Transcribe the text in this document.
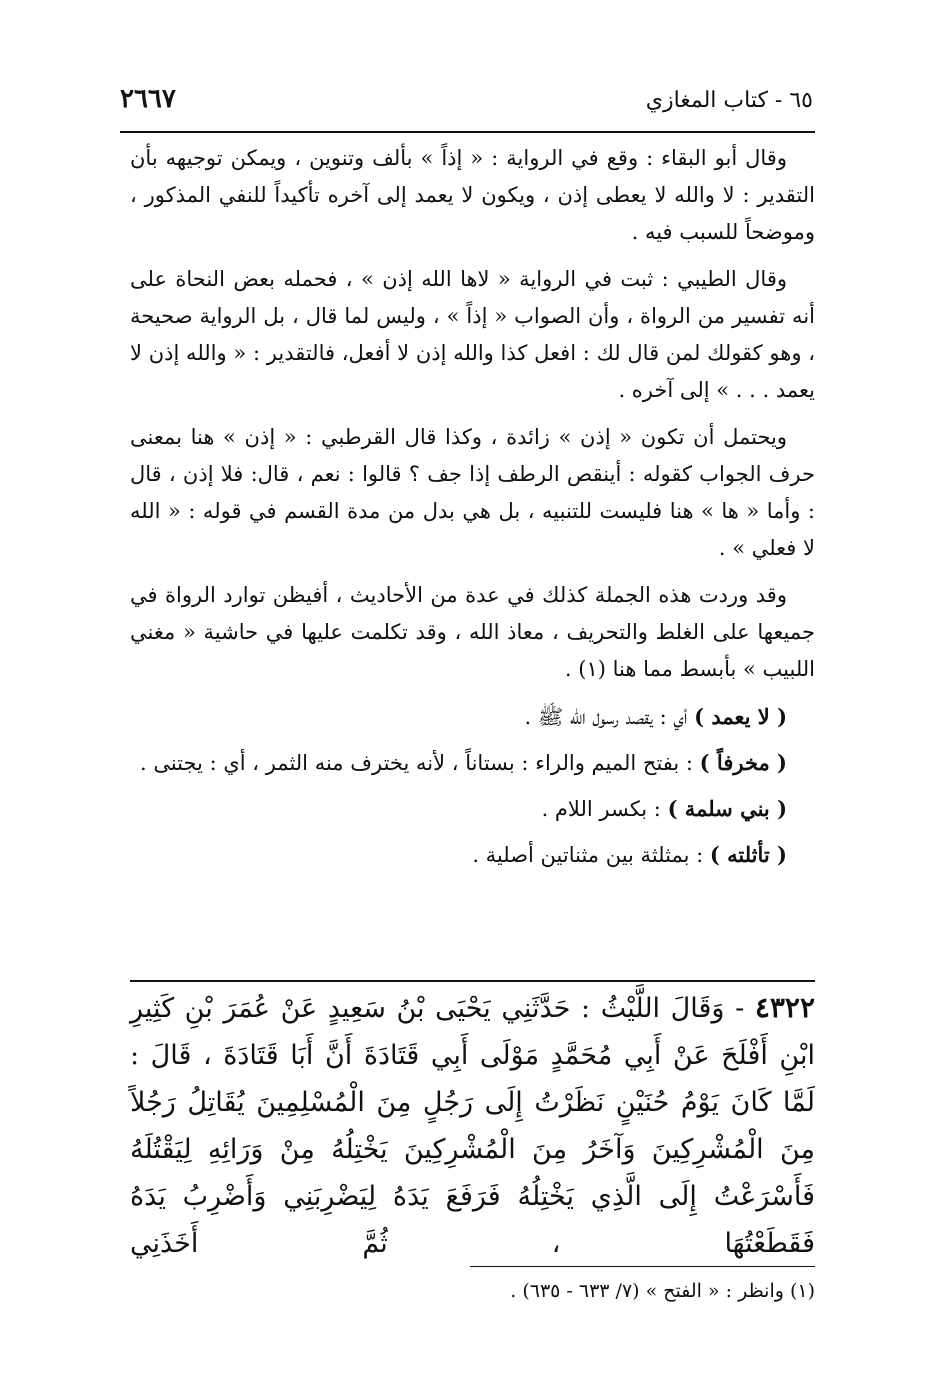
٦٥ - كتاب المغازي
٢٦٦٧

وقال أبو البقاء : وقع في الرواية : « إذاً » بألف وتنوين ، ويمكن توجيهه بأن التقدير : لا والله لا يعطى إذن ، ويكون لا يعمد إلى آخره تأكيداً للنفي المذكور ، وموضحاً للسبب فيه .

وقال الطيبي : ثبت في الرواية « لاها الله إذن » ، فحمله بعض النحاة على أنه تفسير من الرواة ، وأن الصواب « إذاً » ، وليس لما قال ، بل الرواية صحيحة ، وهو كقولك لمن قال لك : افعل كذا والله إذن لا أفعل، فالتقدير : « والله إذن لا يعمد . . . » إلى آخره .

ويحتمل أن تكون « إذن » زائدة ، وكذا قال القرطبي : « إذن » هنا بمعنى حرف الجواب كقوله : أينقص الرطف إذا جف ؟ قالوا : نعم ، قال: فلا إذن ، قال : وأما « ها » هنا فليست للتنبيه ، بل هي بدل من مدة القسم في قوله : « الله لا فعلي » .

وقد وردت هذه الجملة كذلك في عدة من الأحاديث ، أفيظن توارد الرواة في جميعها على الغلط والتحريف ، معاذ الله ، وقد تكلمت عليها في حاشية « مغني اللبيب » بأبسط مما هنا (١) .

( لا يعمد ) أي : يقصد رسول الله ﷺ .

( مخرفاً ) : بفتح الميم والراء : بستاناً ، لأنه يخترف منه الثمر ، أي : يجتنى .

( بني سلمة ) : بكسر اللام .

( تأثلته ) : بمثلثة بين مثناتين أصلية .

٤٣٢٢ - وَقَالَ اللَّيْثُ : حَدَّثَنِي يَحْيَى بْنُ سَعِيدٍ عَنْ عُمَرَ بْنِ كَثِيرِ ابْنِ أَفْلَحَ عَنْ أَبِي مُحَمَّدٍ مَوْلَى أَبِي قَتَادَةَ أَنَّ أَبَا قَتَادَةَ ، قَالَ : لَمَّا كَانَ يَوْمُ حُنَيْنٍ نَظَرْتُ إِلَى رَجُلٍ مِنَ الْمُسْلِمِينَ يُقَاتِلُ رَجُلاً مِنَ الْمُشْرِكِينَ وَآخَرُ مِنَ الْمُشْرِكِينَ يَخْتِلُهُ مِنْ وَرَائِهِ لِيَقْتُلَهُ فَأَسْرَعْتُ إِلَى الَّذِي يَخْتِلُهُ فَرَفَعَ يَدَهُ لِيَضْرِبَنِي وَأَضْرِبُ يَدَهُ فَقَطَعْتُهَا ، ثُمَّ أَخَذَنِي

(١) وانظر : « الفتح » (٧/ ٦٣٣ - ٦٣٥) .
